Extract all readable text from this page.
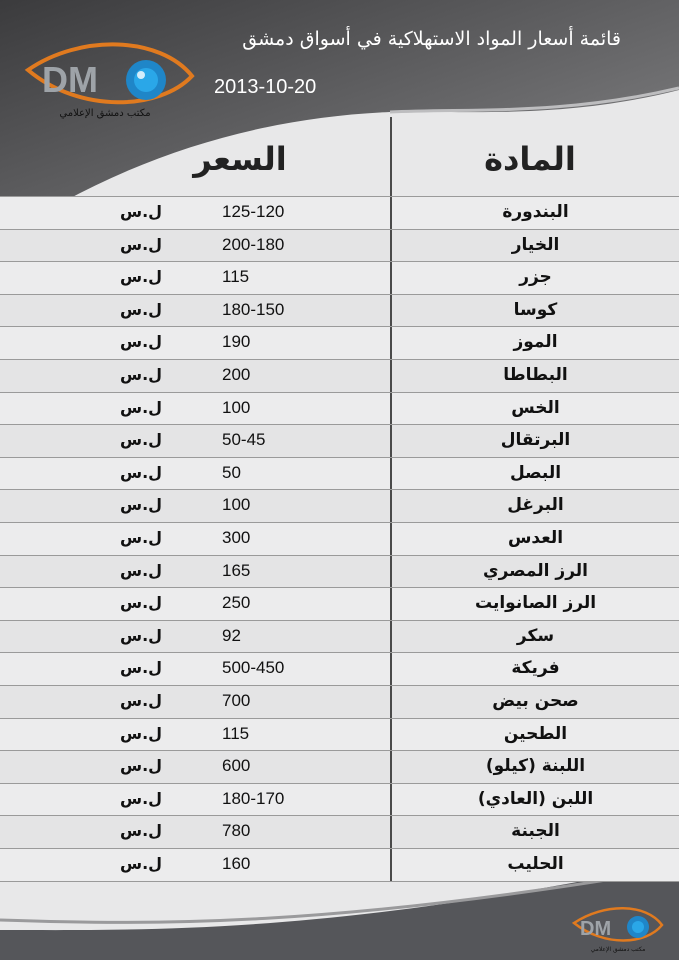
DM
مكتب دمشق الإعلامي
قائمة أسعار المواد الاستهلاكية في أسواق دمشق
2013-10-20
المادة
السعر
البندورة
125-120
ل.س
الخيار
200-180
ل.س
جزر
115
ل.س
كوسا
180-150
ل.س
الموز
190
ل.س
البطاطا
200
ل.س
الخس
100
ل.س
البرتقال
50-45
ل.س
البصل
50
ل.س
البرغل
100
ل.س
العدس
300
ل.س
الرز المصري
165
ل.س
الرز الصانوايت
250
ل.س
سكر
92
ل.س
فريكة
500-450
ل.س
صحن بيض
700
ل.س
الطحين
115
ل.س
اللبنة (كيلو)
600
ل.س
اللبن (العادي)
180-170
ل.س
الجبنة
780
ل.س
الحليب
160
ل.س
DM
مكتب دمشق الإعلامي
